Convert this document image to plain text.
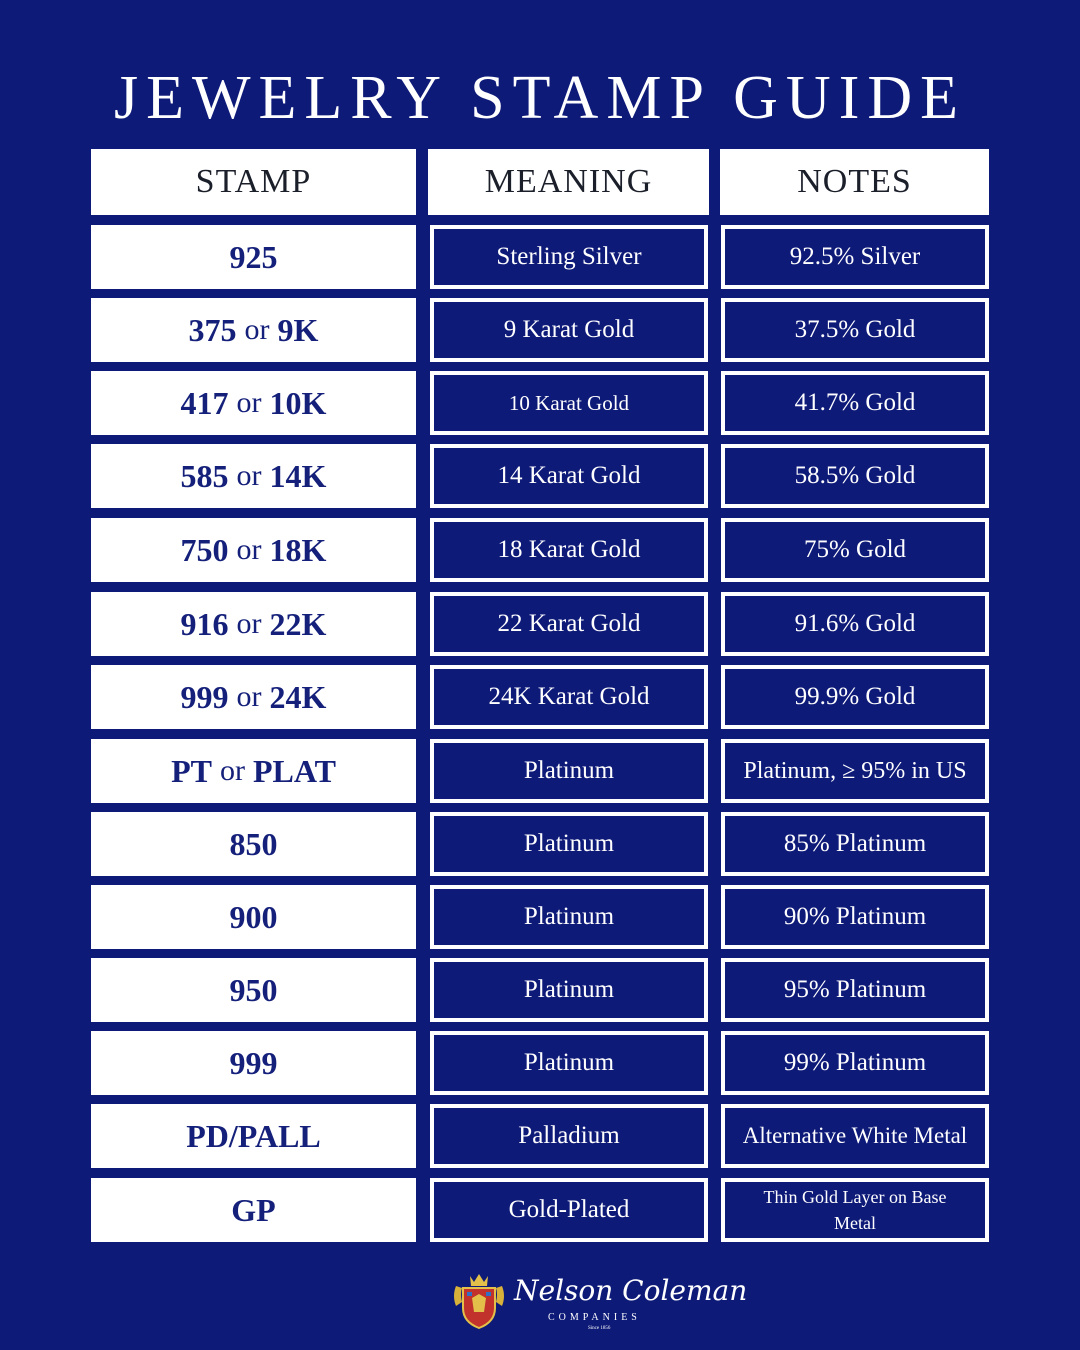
JEWELRY STAMP GUIDE
STAMP	MEANING	NOTES
925	Sterling Silver	92.5% Silver
375 or 9K	9 Karat Gold	37.5% Gold
417 or 10K	10 Karat Gold	41.7% Gold
585 or 14K	14 Karat Gold	58.5% Gold
750 or 18K	18 Karat Gold	75% Gold
916 or 22K	22 Karat Gold	91.6% Gold
999 or 24K	24K Karat Gold	99.9% Gold
PT or PLAT	Platinum	Platinum, ≥ 95% in US
850	Platinum	85% Platinum
900	Platinum	90% Platinum
950	Platinum	95% Platinum
999	Platinum	99% Platinum
PD/PALL	Palladium	Alternative White Metal
GP	Gold-Plated	Thin Gold Layer on Base Metal
Nelson Coleman
COMPANIES
Since 1856
